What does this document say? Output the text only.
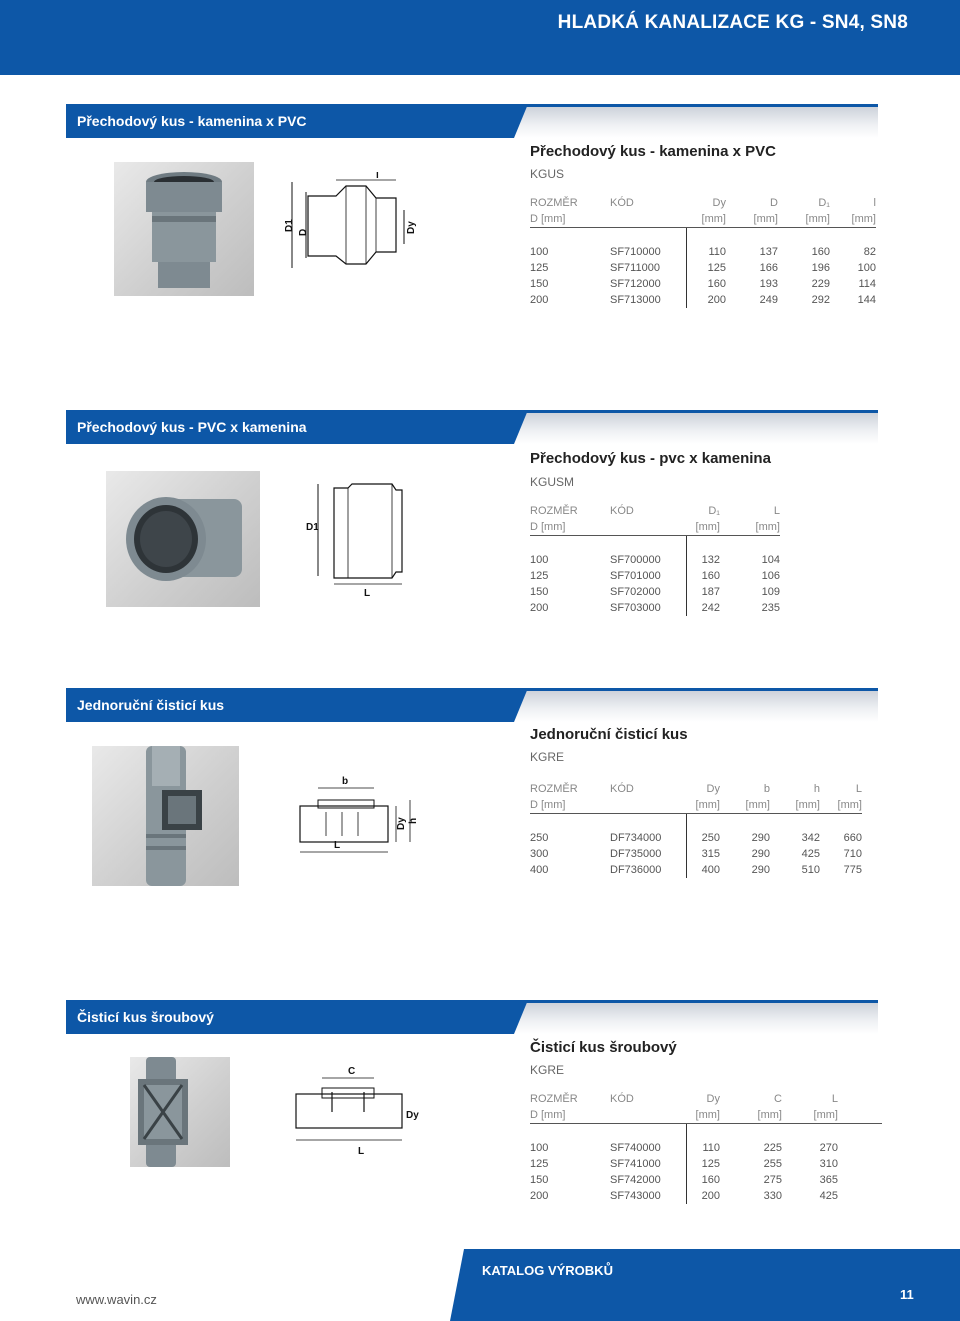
HLADKÁ KANALIZACE KG - SN4, SN8
Přechodový kus - kamenina x PVC
D1
D
l
Dy
Přechodový kus - kamenina x PVC
KGUS
ROZMĚR	KÓD	Dy	D	D₁	l
D [mm]		[mm]	[mm]	[mm]	[mm]

100	SF710000	110	137	160	82
125	SF711000	125	166	196	100
150	SF712000	160	193	229	114
200	SF713000	200	249	292	144
Přechodový kus - PVC x kamenina
D1
L
Přechodový kus - pvc x kamenina
KGUSM
ROZMĚR	KÓD	D₁	L
D [mm]		[mm]	[mm]

100	SF700000	132	104
125	SF701000	160	106
150	SF702000	187	109
200	SF703000	242	235
Jednoruční čisticí kus
b
L
Dy h
Jednoruční čisticí kus
KGRE
ROZMĚR	KÓD	Dy	b	h	L
D [mm]		[mm]	[mm]	[mm]	[mm]

250	DF734000	250	290	342	660
300	DF735000	315	290	425	710
400	DF736000	400	290	510	775
Čisticí kus šroubový
C
L
Dy
Čisticí kus šroubový
KGRE
ROZMĚR	KÓD	Dy	C	L	
D [mm]		[mm]	[mm]	[mm]	

100	SF740000	110	225	270	
125	SF741000	125	255	310	
150	SF742000	160	275	365	
200	SF743000	200	330	425	
www.wavin.cz
KATALOG VÝROBKŮ
11
